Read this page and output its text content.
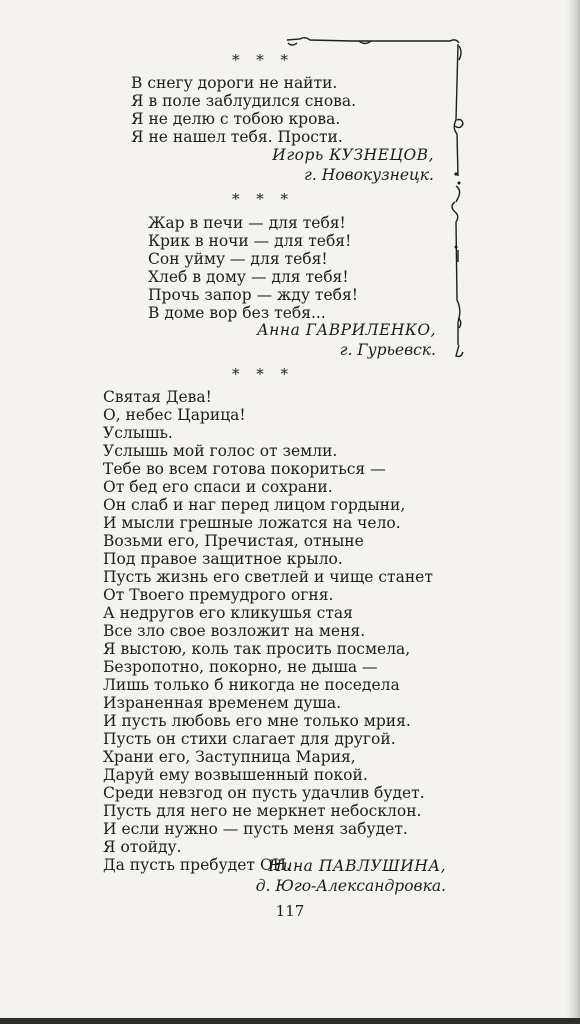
* * *
В снегу дороги не найти.
Я в поле заблудился снова.
Я не делю с тобою крова.
Я не нашел тебя. Прости.
Игорь КУЗНЕЦОВ,
г. Новокузнецк.
* * *
Жар в печи — для тебя!
Крик в ночи — для тебя!
Сон уйму — для тебя!
Хлеб в дому — для тебя!
Прочь запор — жду тебя!
В доме вор без тебя...
Анна ГАВРИЛЕНКО,
г. Гурьевск.
* * *
Святая Дева!
О, небес Царица!
Услышь.
Услышь мой голос от земли.
Тебе во всем готова покориться —
От бед его спаси и сохрани.
Он слаб и наг перед лицом гордыни,
И мысли грешные ложатся на чело.
Возьми его, Пречистая, отныне
Под правое защитное крыло.
Пусть жизнь его светлей и чище станет
От Твоего премудрого огня.
А недругов его кликушья стая
Все зло свое возложит на меня.
Я выстою, коль так просить посмела,
Безропотно, покорно, не дыша —
Лишь только б никогда не поседела
Израненная временем душа.
И пусть любовь его мне только мрия.
Пусть он стихи слагает для другой.
Храни его, Заступница Мария,
Даруй ему возвышенный покой.
Среди невзгод он пусть удачлив будет.
Пусть для него не меркнет небосклон.
И если нужно — пусть меня забудет.
Я отойду.
Да пусть пребудет ОН.
Нина ПАВЛУШИНА,
д. Юго-Александровка.
117
